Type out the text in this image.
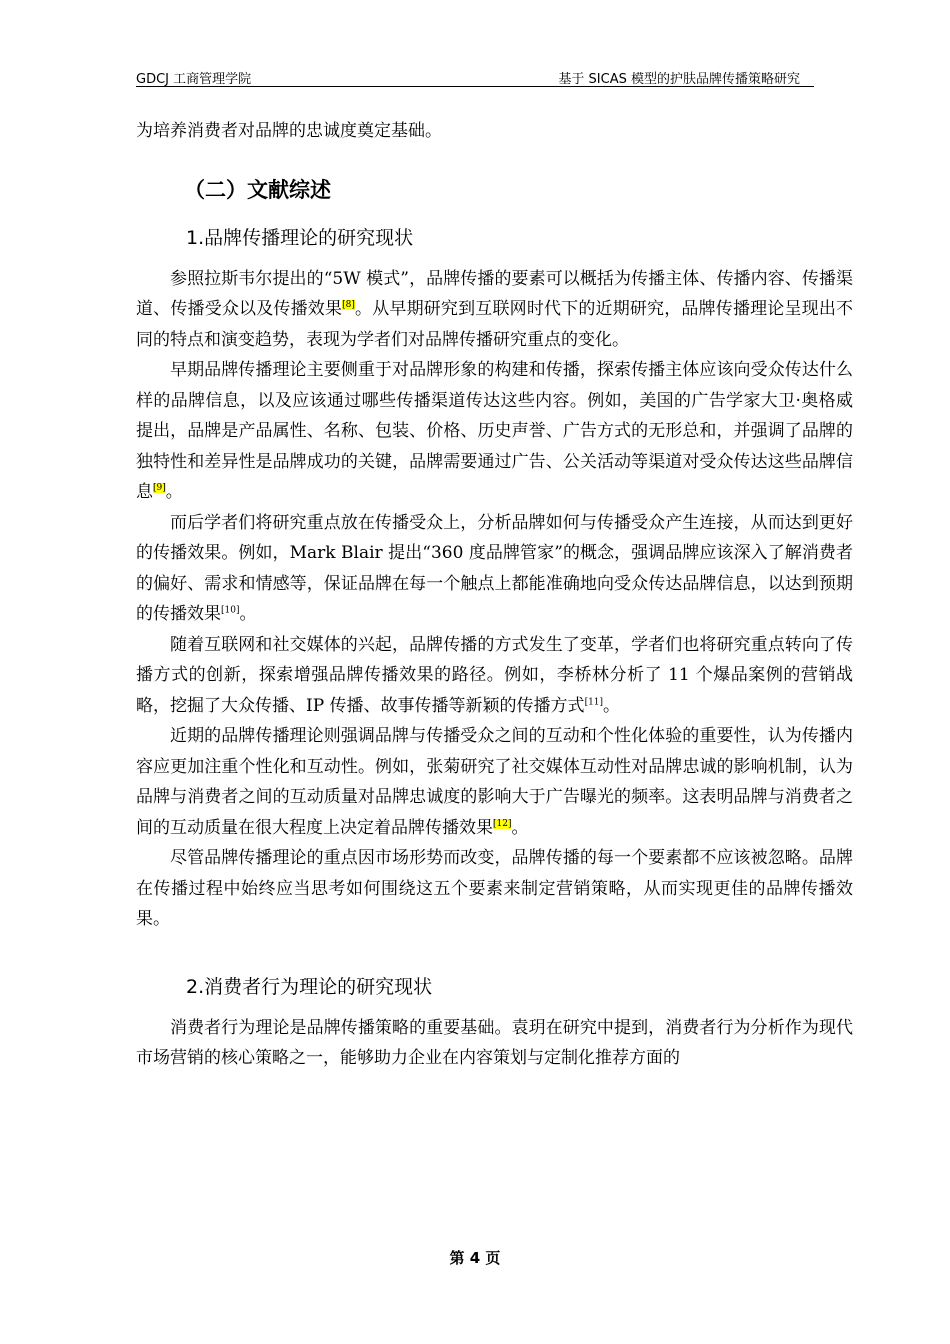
GDCJ 工商管理学院	基于 SICAS 模型的护肤品牌传播策略研究

为培养消费者对品牌的忠诚度奠定基础。

（二）文献综述
1.品牌传播理论的研究现状

参照拉斯韦尔提出的“5W 模式”，品牌传播的要素可以概括为传播主体、传播内容、传播渠道、传播受众以及传播效果[8]。从早期研究到互联网时代下的近期研究，品牌传播理论呈现出不同的特点和演变趋势，表现为学者们对品牌传播研究重点的变化。

早期品牌传播理论主要侧重于对品牌形象的构建和传播，探索传播主体应该向受众传达什么样的品牌信息，以及应该通过哪些传播渠道传达这些内容。例如，美国的广告学家大卫·奥格威提出，品牌是产品属性、名称、包装、价格、历史声誉、广告方式的无形总和，并强调了品牌的独特性和差异性是品牌成功的关键，品牌需要通过广告、公关活动等渠道对受众传达这些品牌信息[9]。

而后学者们将研究重点放在传播受众上，分析品牌如何与传播受众产生连接，从而达到更好的传播效果。例如，Mark Blair 提出“360 度品牌管家”的概念，强调品牌应该深入了解消费者的偏好、需求和情感等，保证品牌在每一个触点上都能准确地向受众传达品牌信息，以达到预期的传播效果[10]。

随着互联网和社交媒体的兴起，品牌传播的方式发生了变革，学者们也将研究重点转向了传播方式的创新，探索增强品牌传播效果的路径。例如，李桥林分析了 11 个爆品案例的营销战略，挖掘了大众传播、IP 传播、故事传播等新颖的传播方式[11]。

近期的品牌传播理论则强调品牌与传播受众之间的互动和个性化体验的重要性，认为传播内容应更加注重个性化和互动性。例如，张菊研究了社交媒体互动性对品牌忠诚的影响机制，认为品牌与消费者之间的互动质量对品牌忠诚度的影响大于广告曝光的频率。这表明品牌与消费者之间的互动质量在很大程度上决定着品牌传播效果[12]。

尽管品牌传播理论的重点因市场形势而改变，品牌传播的每一个要素都不应该被忽略。品牌在传播过程中始终应当思考如何围绕这五个要素来制定营销策略，从而实现更佳的品牌传播效果。

2.消费者行为理论的研究现状

消费者行为理论是品牌传播策略的重要基础。袁玥在研究中提到，消费者行为分析作为现代市场营销的核心策略之一，能够助力企业在内容策划与定制化推荐方面的

第 4 页
